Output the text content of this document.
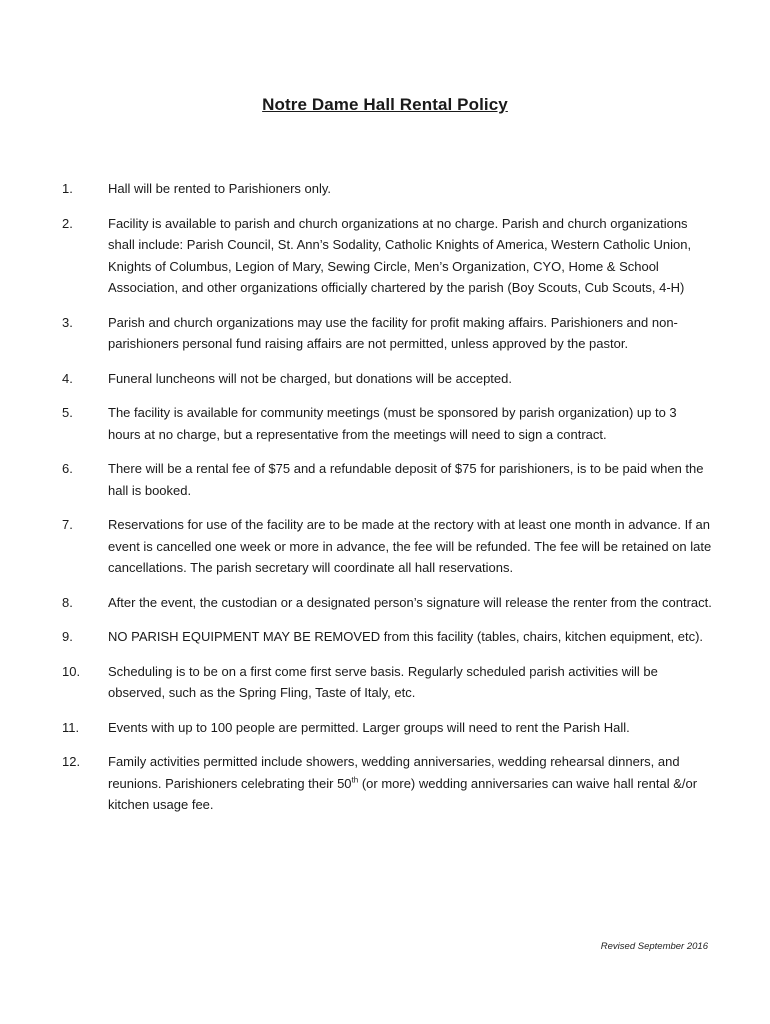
Notre Dame Hall Rental Policy
1.	Hall will be rented to Parishioners only.
2.	Facility is available to parish and church organizations at no charge. Parish and church organizations shall include: Parish Council, St. Ann’s Sodality, Catholic Knights of America, Western Catholic Union, Knights of Columbus, Legion of Mary, Sewing Circle, Men’s Organization, CYO, Home & School Association, and other organizations officially chartered by the parish (Boy Scouts, Cub Scouts, 4-H)
3.	Parish and church organizations may use the facility for profit making affairs. Parishioners and non-parishioners personal fund raising affairs are not permitted, unless approved by the pastor.
4.	Funeral luncheons will not be charged, but donations will be accepted.
5.	The facility is available for community meetings (must be sponsored by parish organization) up to 3 hours at no charge, but a representative from the meetings will need to sign a contract.
6.	There will be a rental fee of $75 and a refundable deposit of $75 for parishioners, is to be paid when the hall is booked.
7.	Reservations for use of the facility are to be made at the rectory with at least one month in advance. If an event is cancelled one week or more in advance, the fee will be refunded. The fee will be retained on late cancellations. The parish secretary will coordinate all hall reservations.
8.	After the event, the custodian or a designated person’s signature will release the renter from the contract.
9.	NO PARISH EQUIPMENT MAY BE REMOVED from this facility (tables, chairs, kitchen equipment, etc).
10.	Scheduling is to be on a first come first serve basis. Regularly scheduled parish activities will be observed, such as the Spring Fling, Taste of Italy, etc.
11.	Events with up to 100 people are permitted. Larger groups will need to rent the Parish Hall.
12.	Family activities permitted include showers, wedding anniversaries, wedding rehearsal dinners, and reunions. Parishioners celebrating their 50th (or more) wedding anniversaries can waive hall rental &/or kitchen usage fee.
Revised September 2016
